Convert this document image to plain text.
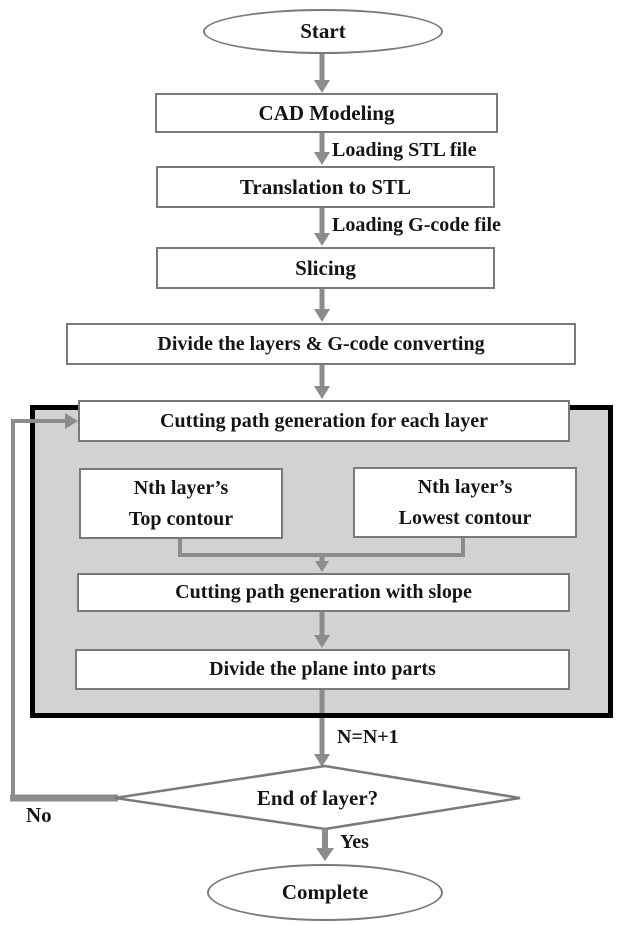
Start
CAD Modeling
Loading STL file
Translation to STL
Loading G-code file
Slicing
Divide the layers & G-code converting
Cutting path generation for each layer
Nth layer’s
Top contour
Nth layer’s
Lowest contour
Cutting path generation with slope
Divide the plane into parts
N=N+1
End of layer?
No
Yes
Complete
